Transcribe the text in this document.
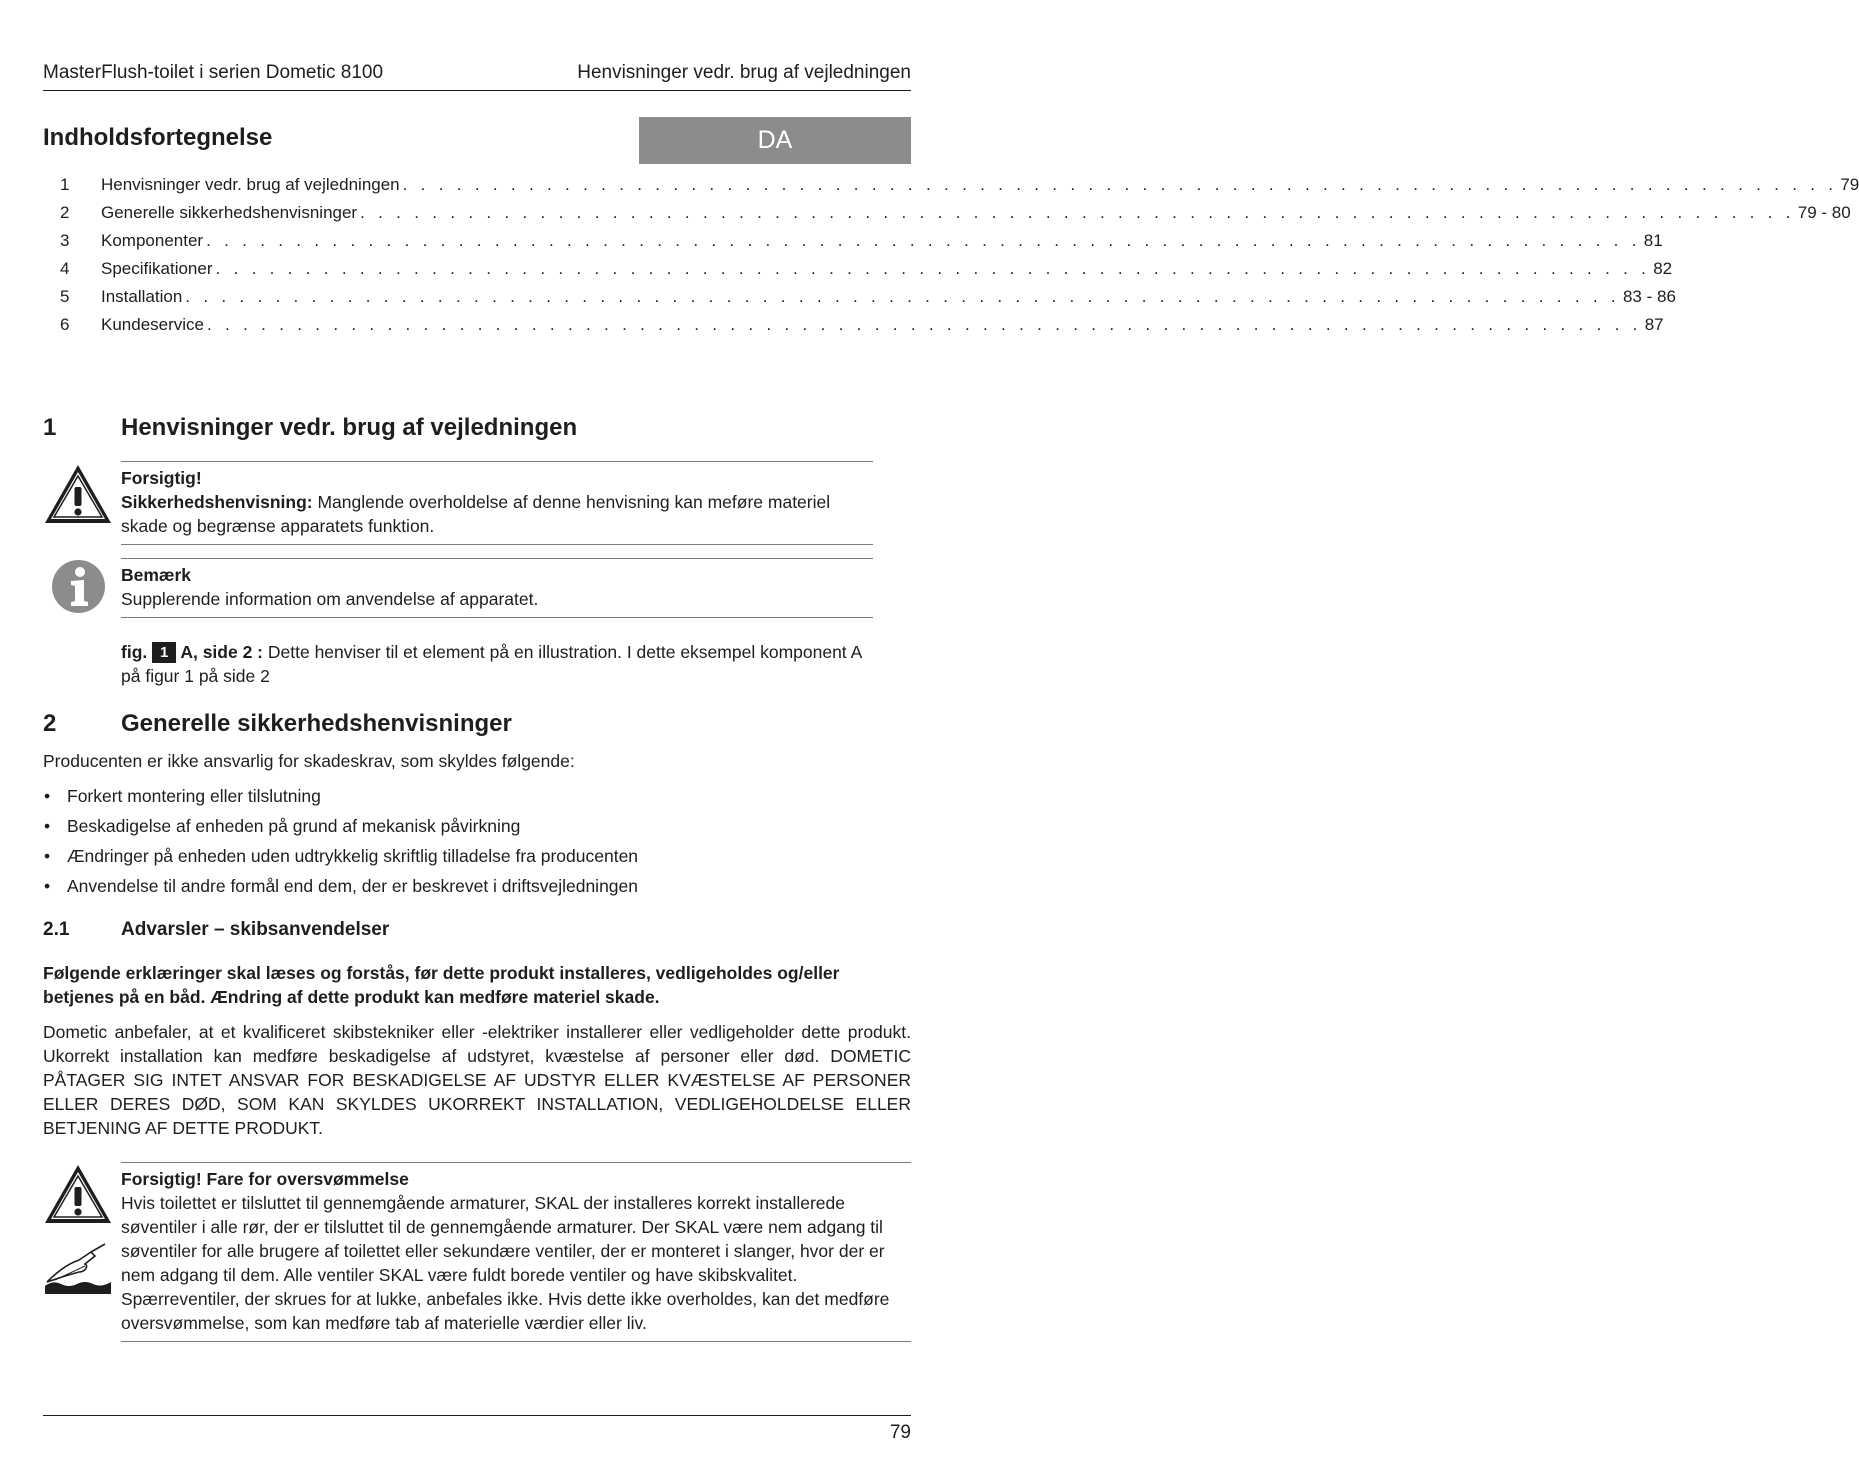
MasterFlush-toilet i serien Dometic 8100	Henvisninger vedr. brug af vejledningen
Indholdsfortegnelse	DA
1 Henvisninger vedr. brug af vejledningen . . . . . . . . . . . . . . . . . . . . . . . . . . . . . . . . . . . . . . . . . . . . . . . . . . . . . . . . . . . . . . . . . . . . . . . . . . . . . . . . 79
2 Generelle sikkerhedshenvisninger . . . . . . . . . . . . . . . . . . . . . . . . . . . . . . . . . . . . . . . . . . . . . . . . . . . . . . . . . . . . . . . . . . . . . . . . . . . . . . . . 79 - 80
3 Komponenter . . . . . . . . . . . . . . . . . . . . . . . . . . . . . . . . . . . . . . . . . . . . . . . . . . . . . . . . . . . . . . . . . . . . . . . . . . . . . . . . 81
4 Specifikationer . . . . . . . . . . . . . . . . . . . . . . . . . . . . . . . . . . . . . . . . . . . . . . . . . . . . . . . . . . . . . . . . . . . . . . . . . . . . . . . . 82
5 Installation . . . . . . . . . . . . . . . . . . . . . . . . . . . . . . . . . . . . . . . . . . . . . . . . . . . . . . . . . . . . . . . . . . . . . . . . . . . . . . . . 83 - 86
6 Kundeservice . . . . . . . . . . . . . . . . . . . . . . . . . . . . . . . . . . . . . . . . . . . . . . . . . . . . . . . . . . . . . . . . . . . . . . . . . . . . . . . . 87
1	Henvisninger vedr. brug af vejledningen
Forsigtig!
Sikkerhedshenvisning: Manglende overholdelse af denne henvisning kan meføre materiel skade og begrænse apparatets funktion.
Bemærk
Supplerende information om anvendelse af apparatet.
fig. 1 A, side 2 : Dette henviser til et element på en illustration. I dette eksempel komponent A på figur 1 på side 2
2	Generelle sikkerhedshenvisninger
Producenten er ikke ansvarlig for skadeskrav, som skyldes følgende:
• Forkert montering eller tilslutning
• Beskadigelse af enheden på grund af mekanisk påvirkning
• Ændringer på enheden uden udtrykkelig skriftlig tilladelse fra producenten
• Anvendelse til andre formål end dem, der er beskrevet i driftsvejledningen
2.1	Advarsler – skibsanvendelser
Følgende erklæringer skal læses og forstås, før dette produkt installeres, vedligeholdes og/eller betjenes på en båd. Ændring af dette produkt kan medføre materiel skade.
Dometic anbefaler, at et kvalificeret skibstekniker eller -elektriker installerer eller vedligeholder dette produkt. Ukorrekt installation kan medføre beskadigelse af udstyret, kvæstelse af personer eller død. DOMETIC PÅTAGER SIG INTET ANSVAR FOR BESKADIGELSE AF UDSTYR ELLER KVÆSTELSE AF PERSONER ELLER DERES DØD, SOM KAN SKYLDES UKORREKT INSTALLATION, VEDLIGEHOLDELSE ELLER BETJENING AF DETTE PRODUKT.
Forsigtig! Fare for oversvømmelse
Hvis toilettet er tilsluttet til gennemgående armaturer, SKAL der installeres korrekt installerede søventiler i alle rør, der er tilsluttet til de gennemgående armaturer. Der SKAL være nem adgang til søventiler for alle brugere af toilettet eller sekundære ventiler, der er monteret i slanger, hvor der er nem adgang til dem. Alle ventiler SKAL være fuldt borede ventiler og have skibskvalitet. Spærreventiler, der skrues for at lukke, anbefales ikke. Hvis dette ikke overholdes, kan det medføre oversvømmelse, som kan medføre tab af materielle værdier eller liv.
79
